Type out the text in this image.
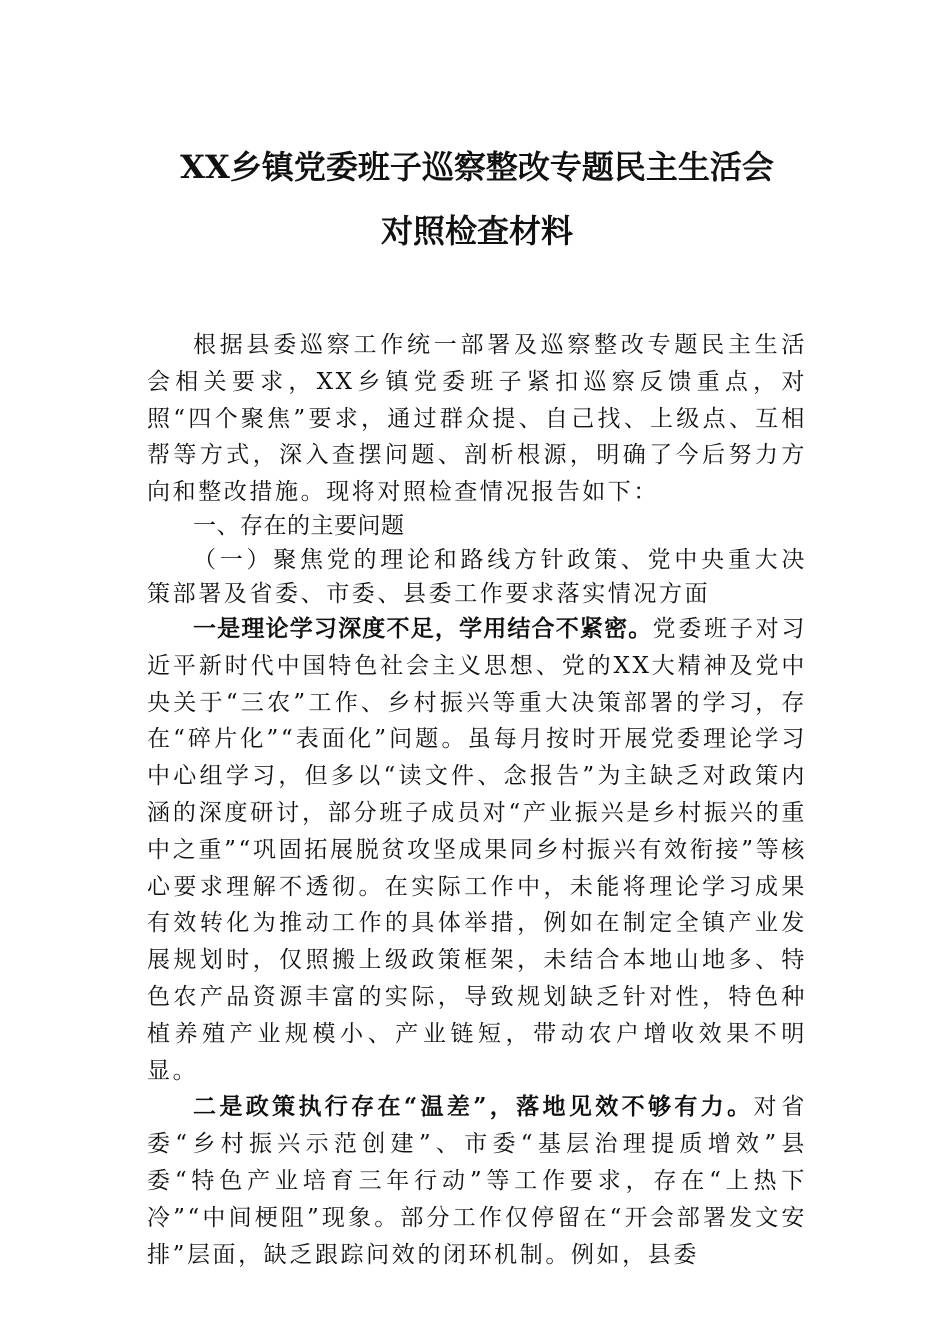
XX乡镇党委班子巡察整改专题民主生活会
对照检查材料

根据县委巡察工作统一部署及巡察整改专题民主生活会相关要求，XX乡镇党委班子紧扣巡察反馈重点，对照“四个聚焦”要求，通过群众提、自己找、上级点、互相帮等方式，深入查摆问题、剖析根源，明确了今后努力方向和整改措施。现将对照检查情况报告如下：

一、存在的主要问题

（一）聚焦党的理论和路线方针政策、党中央重大决策部署及省委、市委、县委工作要求落实情况方面

一是理论学习深度不足，学用结合不紧密。党委班子对习近平新时代中国特色社会主义思想、党的XX大精神及党中央关于“三农”工作、乡村振兴等重大决策部署的学习，存在“碎片化”“表面化”问题。虽每月按时开展党委理论学习中心组学习，但多以“读文件、念报告”为主缺乏对政策内涵的深度研讨，部分班子成员对“产业振兴是乡村振兴的重中之重”“巩固拓展脱贫攻坚成果同乡村振兴有效衔接”等核心要求理解不透彻。在实际工作中，未能将理论学习成果有效转化为推动工作的具体举措，例如在制定全镇产业发展规划时，仅照搬上级政策框架，未结合本地山地多、特色农产品资源丰富的实际，导致规划缺乏针对性，特色种植养殖产业规模小、产业链短，带动农户增收效果不明显。

二是政策执行存在“温差”，落地见效不够有力。对省委“乡村振兴示范创建”、市委“基层治理提质增效”县委“特色产业培育三年行动”等工作要求，存在“上热下冷”“中间梗阻”现象。部分工作仅停留在“开会部署发文安排”层面，缺乏跟踪问效的闭环机制。例如，县委
